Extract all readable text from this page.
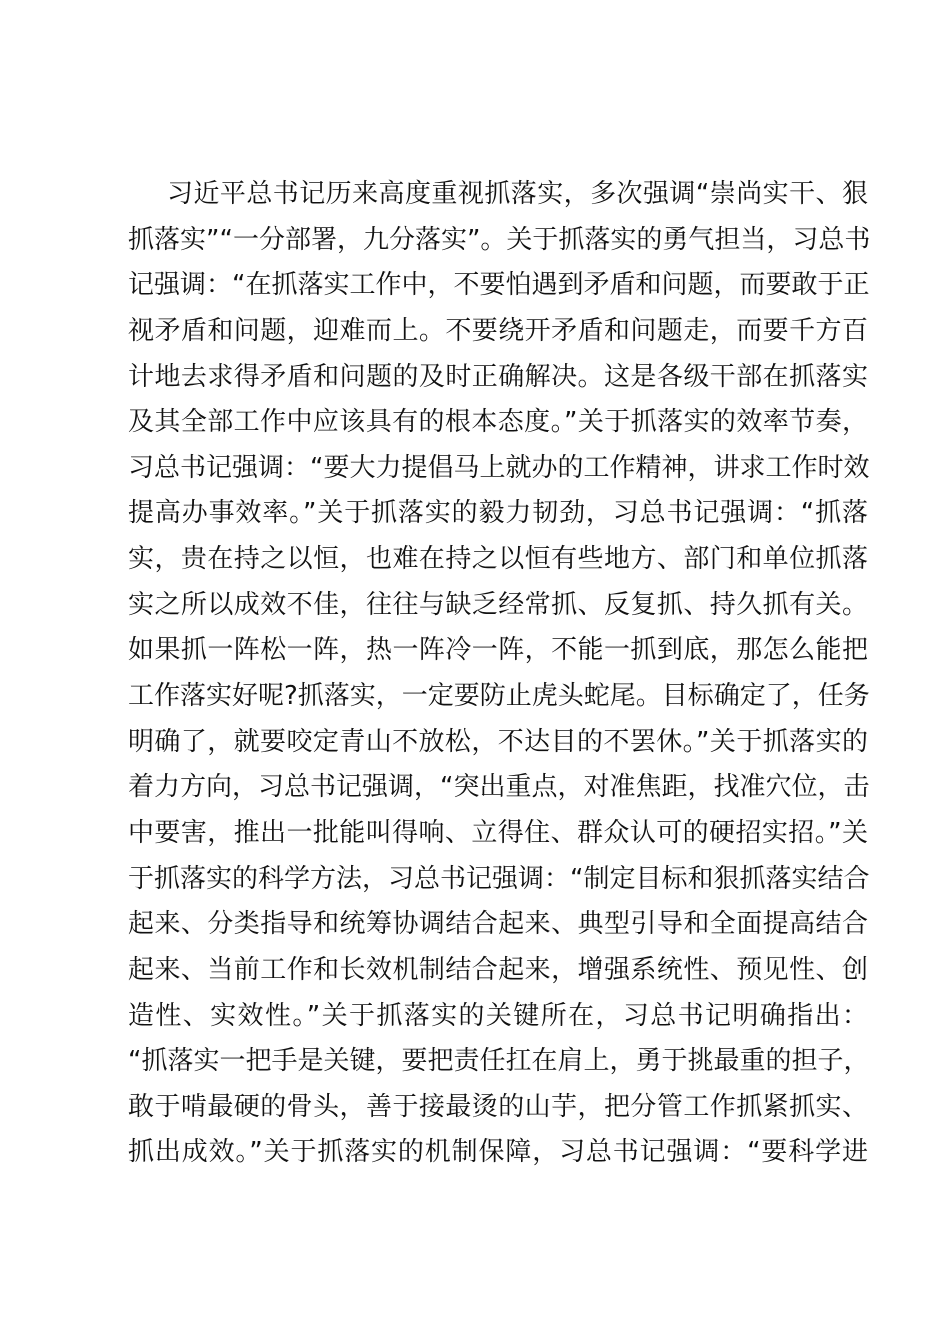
习近平总书记历来高度重视抓落实，多次强调“崇尚实干、狠
抓落实”“一分部署，九分落实”。关于抓落实的勇气担当，习总书
记强调：“在抓落实工作中，不要怕遇到矛盾和问题，而要敢于正
视矛盾和问题，迎难而上。不要绕开矛盾和问题走，而要千方百
计地去求得矛盾和问题的及时正确解决。这是各级干部在抓落实
及其全部工作中应该具有的根本态度。”关于抓落实的效率节奏，
习总书记强调：“要大力提倡马上就办的工作精神，讲求工作时效
提高办事效率。”关于抓落实的毅力韧劲，习总书记强调：“抓落
实，贵在持之以恒，也难在持之以恒有些地方、部门和单位抓落
实之所以成效不佳，往往与缺乏经常抓、反复抓、持久抓有关。
如果抓一阵松一阵，热一阵冷一阵，不能一抓到底，那怎么能把
工作落实好呢?抓落实，一定要防止虎头蛇尾。目标确定了，任务
明确了，就要咬定青山不放松，不达目的不罢休。”关于抓落实的
着力方向，习总书记强调，“突出重点，对准焦距，找准穴位，击
中要害，推出一批能叫得响、立得住、群众认可的硬招实招。”关
于抓落实的科学方法，习总书记强调：“制定目标和狠抓落实结合
起来、分类指导和统筹协调结合起来、典型引导和全面提高结合
起来、当前工作和长效机制结合起来，增强系统性、预见性、创
造性、实效性。”关于抓落实的关键所在，习总书记明确指出：
“抓落实一把手是关键，要把责任扛在肩上，勇于挑最重的担子，
敢于啃最硬的骨头，善于接最烫的山芋，把分管工作抓紧抓实、
抓出成效。”关于抓落实的机制保障，习总书记强调：“要科学进
